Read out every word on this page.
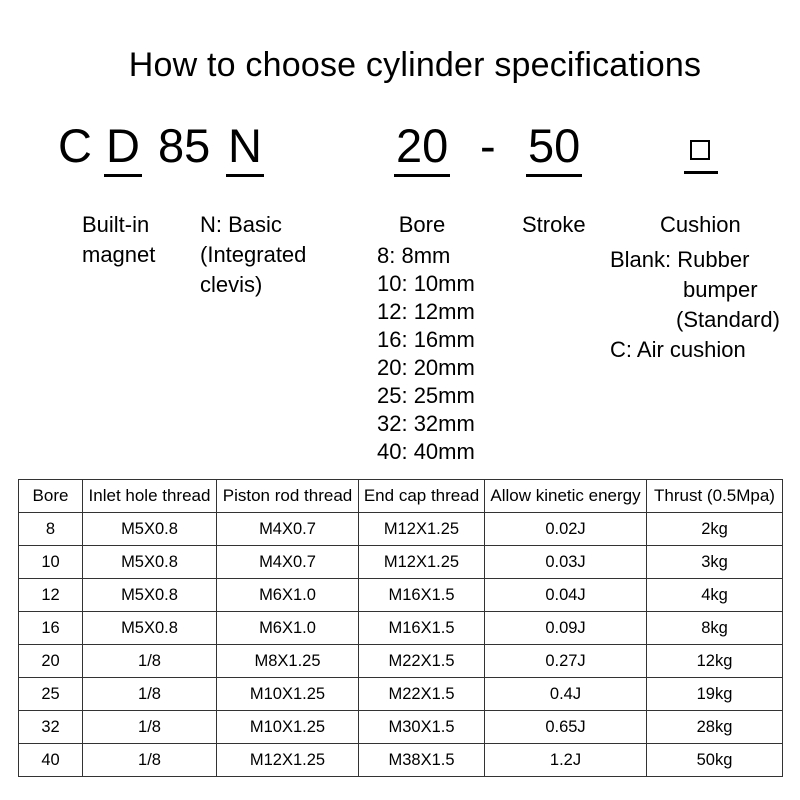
How to choose cylinder specifications
C D 85 N	20 - 50
Built-in
magnet
N: Basic
(Integrated
clevis)
Bore	Stroke	Cushion
8: 8mm
10: 10mm
12: 12mm
16: 16mm
20: 20mm
25: 25mm
32: 32mm
40: 40mm
Blank: Rubber
bumper
(Standard)
C: Air cushion
Bore	Inlet hole thread	Piston rod thread	End cap thread	Allow kinetic energy	Thrust (0.5Mpa)
8	M5X0.8	M4X0.7	M12X1.25	0.02J	2kg
10	M5X0.8	M4X0.7	M12X1.25	0.03J	3kg
12	M5X0.8	M6X1.0	M16X1.5	0.04J	4kg
16	M5X0.8	M6X1.0	M16X1.5	0.09J	8kg
20	1/8	M8X1.25	M22X1.5	0.27J	12kg
25	1/8	M10X1.25	M22X1.5	0.4J	19kg
32	1/8	M10X1.25	M30X1.5	0.65J	28kg
40	1/8	M12X1.25	M38X1.5	1.2J	50kg
